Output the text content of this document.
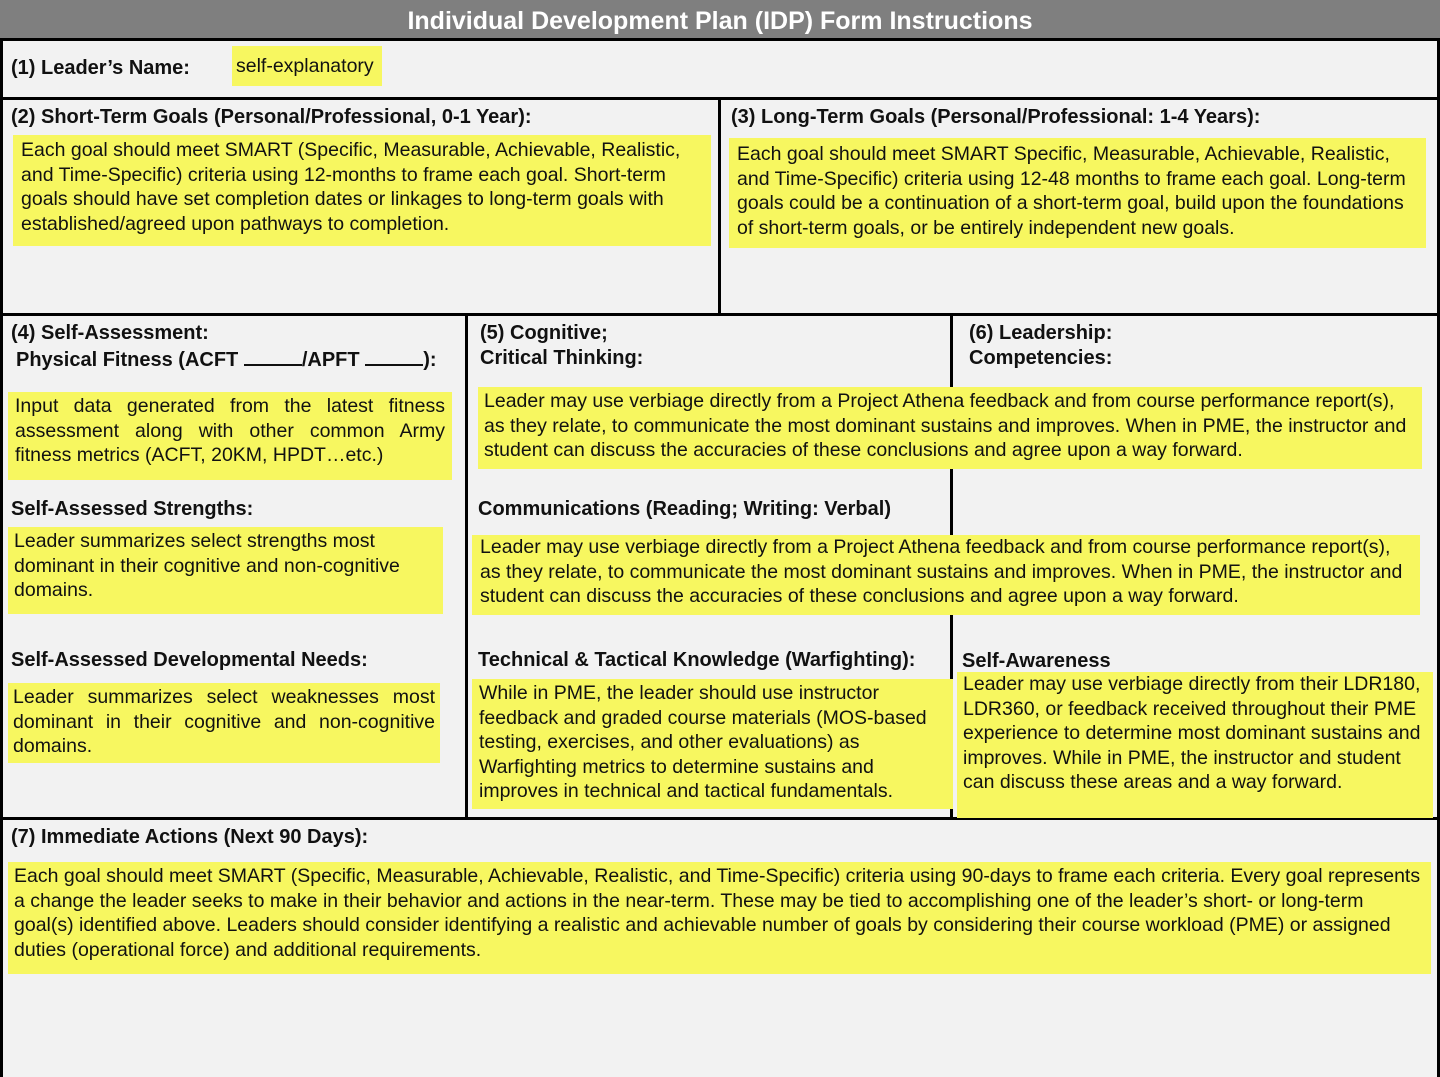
Individual Development Plan (IDP) Form Instructions
(1) Leader’s Name: self-explanatory
(2) Short-Term Goals (Personal/Professional, 0-1 Year):
Each goal should meet SMART (Specific, Measurable, Achievable, Realistic, and Time-Specific) criteria using 12-months to frame each goal. Short-term goals should have set completion dates or linkages to long-term goals with established/agreed upon pathways to completion.
(3) Long-Term Goals (Personal/Professional: 1-4 Years):
Each goal should meet SMART Specific, Measurable, Achievable, Realistic, and Time-Specific) criteria using 12-48 months to frame each goal. Long-term goals could be a continuation of a short-term goal, build upon the foundations of short-term goals, or be entirely independent new goals.
(4) Self-Assessment:
Physical Fitness (ACFT	/APFT	):
Input data generated from the latest fitness assessment along with other common Army fitness metrics (ACFT, 20KM, HPDT…etc.)
Self-Assessed Strengths:
Leader summarizes select strengths most dominant in their cognitive and non-cognitive domains.
Self-Assessed Developmental Needs:
Leader summarizes select weaknesses most dominant in their cognitive and non-cognitive domains.
(5) Cognitive;
Critical Thinking:
Leader may use verbiage directly from a Project Athena feedback and from course performance report(s), as they relate, to communicate the most dominant sustains and improves. When in PME, the instructor and student can discuss the accuracies of these conclusions and agree upon a way forward.
Communications (Reading; Writing: Verbal)
Leader may use verbiage directly from a Project Athena feedback and from course performance report(s), as they relate, to communicate the most dominant sustains and improves. When in PME, the instructor and student can discuss the accuracies of these conclusions and agree upon a way forward.
Technical & Tactical Knowledge (Warfighting):
While in PME, the leader should use instructor feedback and graded course materials (MOS-based testing, exercises, and other evaluations) as Warfighting metrics to determine sustains and improves in technical and tactical fundamentals.
(6) Leadership:
Competencies:
Self-Awareness
Leader may use verbiage directly from their LDR180, LDR360, or feedback received throughout their PME experience to determine most dominant sustains and improves. While in PME, the instructor and student can discuss these areas and a way forward.
(7) Immediate Actions (Next 90 Days):
Each goal should meet SMART (Specific, Measurable, Achievable, Realistic, and Time-Specific) criteria using 90-days to frame each criteria. Every goal represents a change the leader seeks to make in their behavior and actions in the near-term. These may be tied to accomplishing one of the leader’s short- or long-term goal(s) identified above. Leaders should consider identifying a realistic and achievable number of goals by considering their course workload (PME) or assigned duties (operational force) and additional requirements.
